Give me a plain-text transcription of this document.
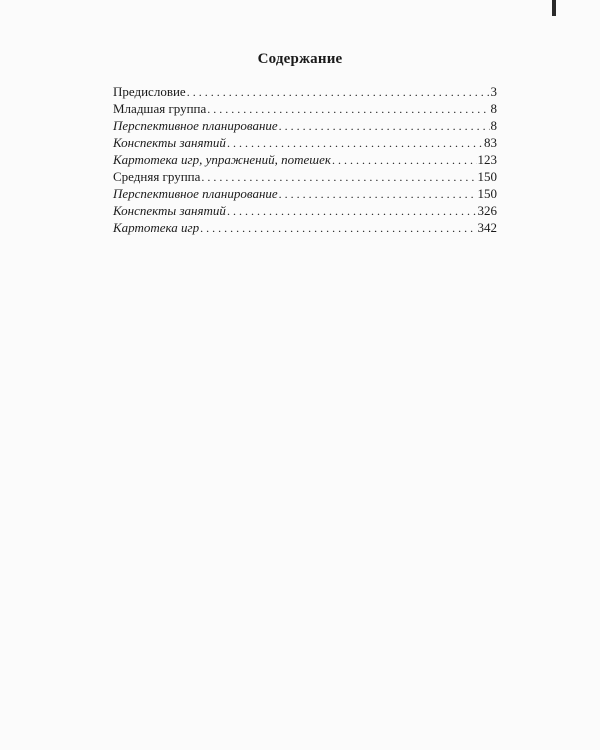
Содержание
Предисловие . . .	3
Младшая группа . . .	8
Перспективное планирование . . .	8
Конспекты занятий . . .	83
Картотека игр, упражнений, потешек . . .	123
Средняя группа . . .	150
Перспективное планирование . . .	150
Конспекты занятий . . .	326
Картотека игр . . .	342
